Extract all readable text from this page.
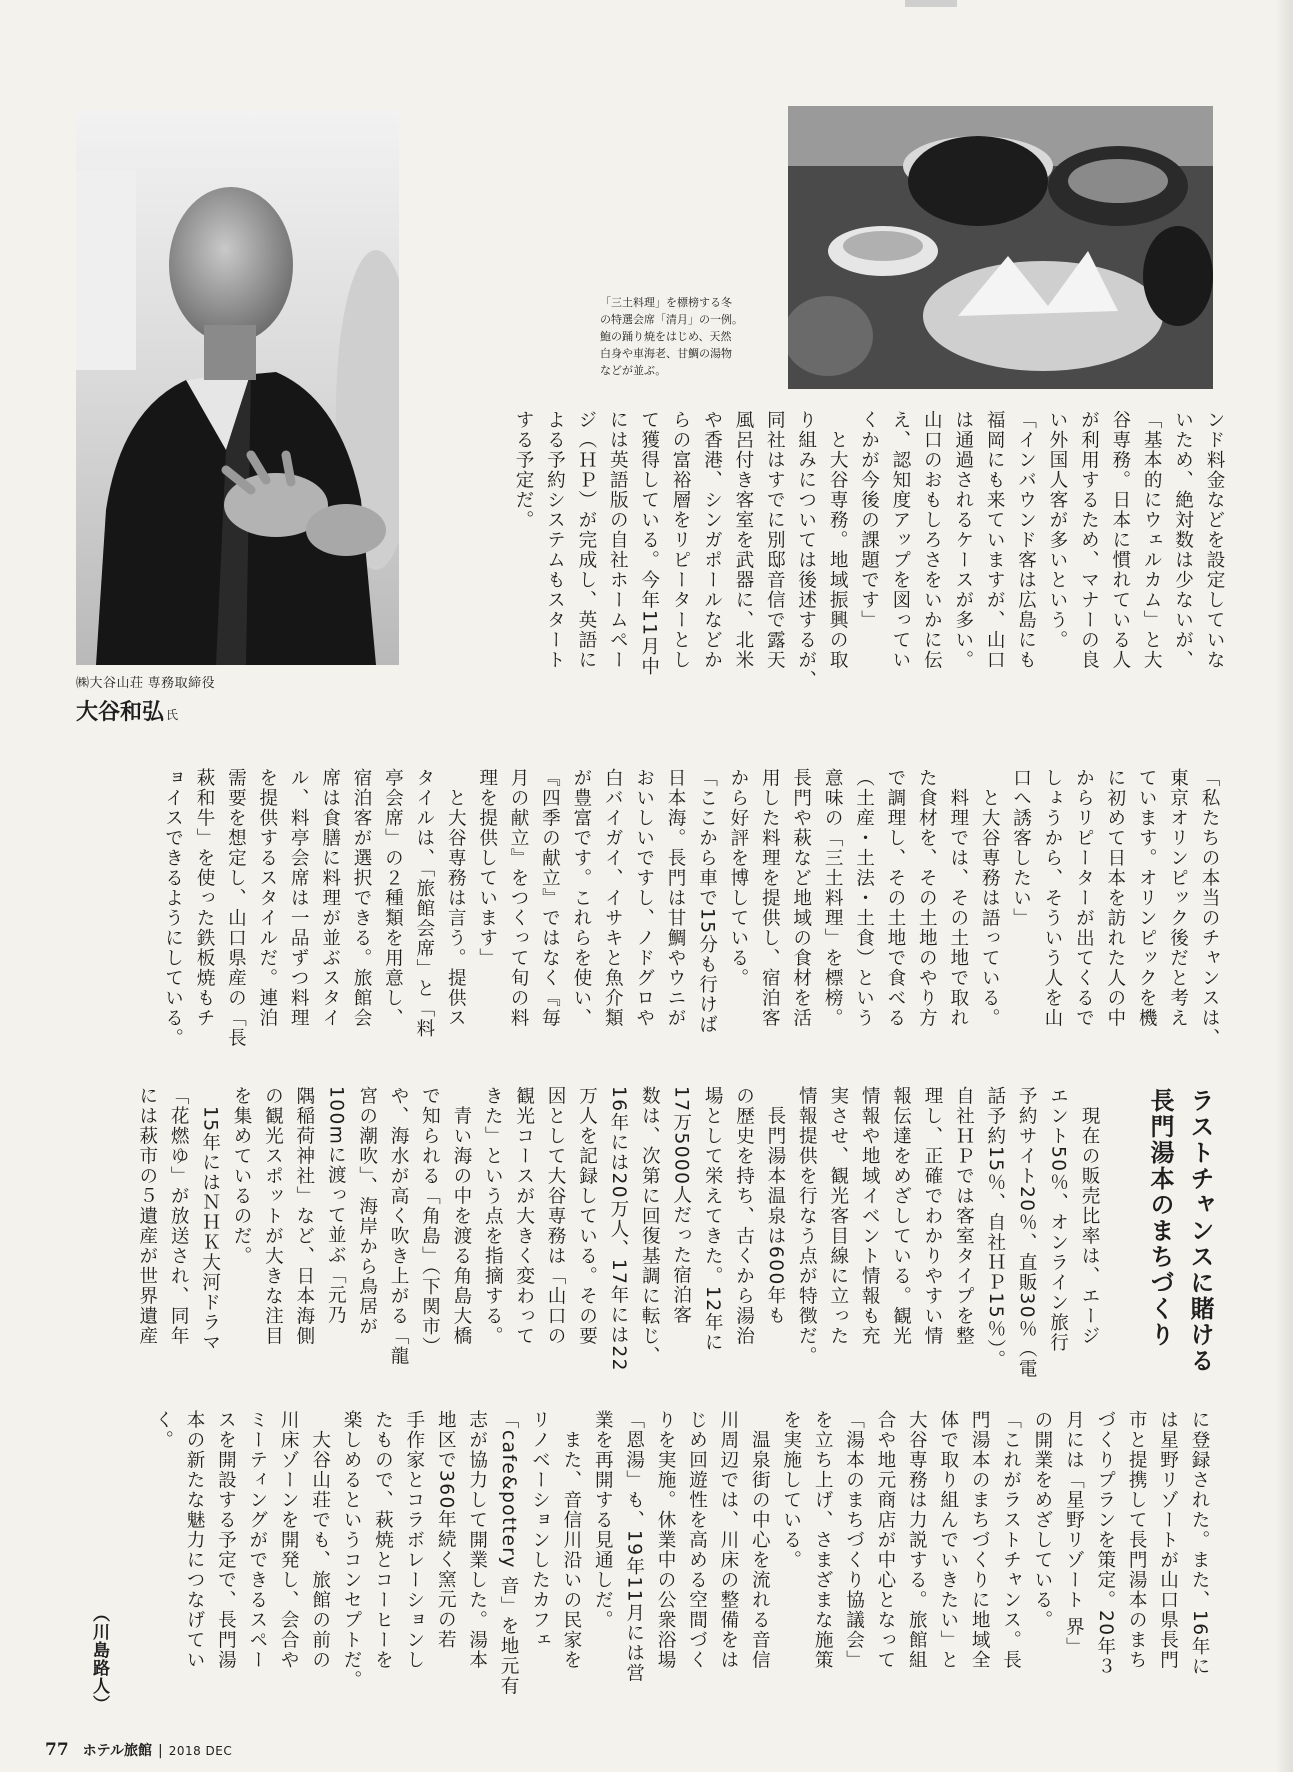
㈱大谷山荘 専務取締役
大谷和弘 氏
「三土料理」を標榜する冬
の特選会席「清月」の一例。
鮑の踊り焼をはじめ、天然
白身や車海老、甘鯛の湯物
などが並ぶ。
ンド料金などを設定していな
いため、絶対数は少ないが、
「基本的にウェルカム」と大
谷専務。日本に慣れている人
が利用するため、マナーの良
い外国人客が多いという。
「インバウンド客は広島にも
福岡にも来ていますが、山口
は通過されるケースが多い。
山口のおもしろさをいかに伝
え、認知度アップを図ってい
くかが今後の課題です」
　と大谷専務。地域振興の取
り組みについては後述するが、
同社はすでに別邸音信で露天
風呂付き客室を武器に、北米
や香港、シンガポールなどか
らの富裕層をリピーターとし
て獲得している。今年11月中
には英語版の自社ホームペー
ジ（ＨＰ）が完成し、英語に
よる予約システムもスタート
する予定だ。
「私たちの本当のチャンスは、
東京オリンピック後だと考え
ています。オリンピックを機
に初めて日本を訪れた人の中
からリピーターが出てくるで
しょうから、そういう人を山
口へ誘客したい」
　と大谷専務は語っている。
　料理では、その土地で取れ
た食材を、その土地のやり方
で調理し、その土地で食べる
（土産・土法・土食）という
意味の「三土料理」を標榜。
長門や萩など地域の食材を活
用した料理を提供し、宿泊客
から好評を博している。
「ここから車で15分も行けば
日本海。長門は甘鯛やウニが
おいしいですし、ノドグロや
白バイガイ、イサキと魚介類
が豊富です。これらを使い、
『四季の献立』ではなく『毎
月の献立』をつくって旬の料
理を提供しています」
　と大谷専務は言う。提供ス
タイルは、「旅館会席」と「料
亭会席」の２種類を用意し、
宿泊客が選択できる。旅館会
席は食膳に料理が並ぶスタイ
ル、料亭会席は一品ずつ料理
を提供するスタイルだ。連泊
需要を想定し、山口県産の「長
萩和牛」を使った鉄板焼もチ
ョイスできるようにしている。
ラストチャンスに賭ける
長門湯本のまちづくり
　現在の販売比率は、エージ
エント50％、オンライン旅行
予約サイト20％、直販30％（電
話予約15％、自社ＨＰ15％）。
自社ＨＰでは客室タイプを整
理し、正確でわかりやすい情
報伝達をめざしている。観光
情報や地域イベント情報も充
実させ、観光客目線に立った
情報提供を行なう点が特徴だ。
　長門湯本温泉は600年も
の歴史を持ち、古くから湯治
場として栄えてきた。12年に
17万5000人だった宿泊客
数は、次第に回復基調に転じ、
16年には20万人、17年には22
万人を記録している。その要
因として大谷専務は「山口の
観光コースが大きく変わって
きた」という点を指摘する。
　青い海の中を渡る角島大橋
で知られる「角島」（下関市）
や、海水が高く吹き上がる「龍
宮の潮吹」、海岸から鳥居が
100mに渡って並ぶ「元乃
隅稲荷神社」など、日本海側
の観光スポットが大きな注目
を集めているのだ。
　15年にはＮＨＫ大河ドラマ
「花燃ゆ」が放送され、同年
には萩市の５遺産が世界遺産
に登録された。また、16年に
は星野リゾートが山口県長門
市と提携して長門湯本のまち
づくりプランを策定。20年３
月には「星野リゾート 界」
の開業をめざしている。
「これがラストチャンス。長
門湯本のまちづくりに地域全
体で取り組んでいきたい」と
大谷専務は力説する。旅館組
合や地元商店が中心となって
「湯本のまちづくり協議会」
を立ち上げ、さまざまな施策
を実施している。
　温泉街の中心を流れる音信
川周辺では、川床の整備をは
じめ回遊性を高める空間づく
りを実施。休業中の公衆浴場
「恩湯」も、19年11月には営
業を再開する見通しだ。
　また、音信川沿いの民家を
リノベーションしたカフェ
「cafe&pottery 音」を地元有
志が協力して開業した。湯本
地区で360年続く窯元の若
手作家とコラボレーションし
たもので、萩焼とコーヒーを
楽しめるというコンセプトだ。
　大谷山荘でも、旅館の前の
川床ゾーンを開発し、会合や
ミーティングができるスペー
スを開設する予定で、長門湯
本の新たな魅力につなげてい
く。
（川島路人）
77 ホテル旅館 | 2018 DEC
